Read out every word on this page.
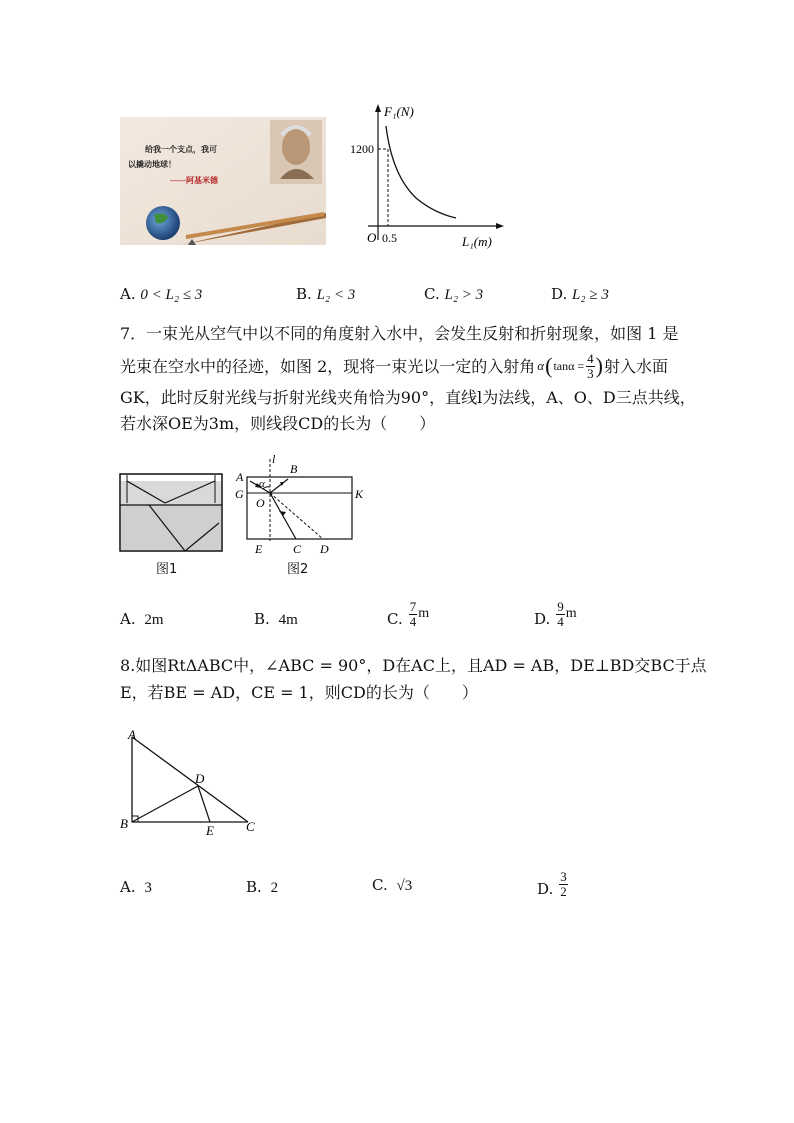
给我一个支点，我可
以撬动地球！
——阿基米德
F₁(N)
L₁(m)
O
1200
0.5
A. 0 < L₂ ≤ 3	B. L₂ < 3	C. L₂ > 3	D. L₂ ≥ 3
7．一束光从空气中以不同的角度射入水中，会发生反射和折射现象，如图 1 是
光束在空水中的径迹，如图 2，现将一束光以一定的入射角 α ( $\tan\alpha = \frac{4}{3}$ ) 射入水面
GK，此时反射光线与折射光线夹角恰为90°，直线l为法线，A、O、D三点共线，
若水深OE为3m，则线段CD的长为（　　）
图1
A
B
l
α
G
O
K
E	C D
图2
A. 2m	B. 4m	C. $\frac{7}{4}$ m	D. $\frac{9}{4}$ m
8.如图RtΔABC中，∠ABC = 90°，D在AC上，且AD = AB，DE⊥BD交BC于点
E，若BE = AD，CE = 1，则CD的长为（　　）
A
B	C
D
E
A. 3	B. 2	C. √3	D. $\frac{3}{2}$
